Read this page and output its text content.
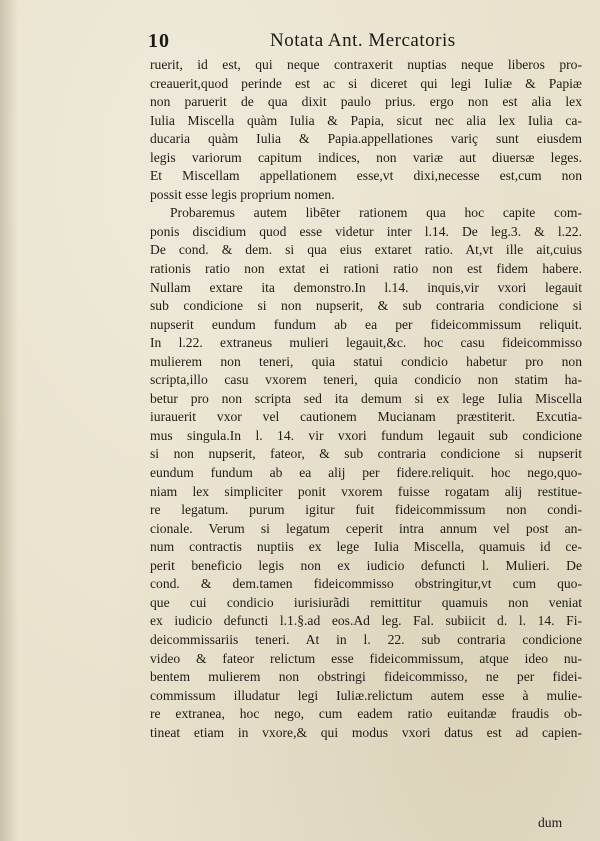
10	Notata Ant. Mercatoris
ruerit, id est, qui neque contraxerit nuptias neque liberos pro-
creauerit,quod perinde est ac si diceret qui legi Iuliæ & Papiæ
non paruerit de qua dixit paulo prius. ergo non est alia lex
Iulia Miscella quàm Iulia & Papia, sicut nec alia lex Iulia ca-
ducaria quàm Iulia & Papia.appellationes variç sunt eiusdem
legis variorum capitum indices, non variæ aut diuersæ leges.
Et Miscellam appellationem esse,vt dixi,necesse est,cum non
possit esse legis proprium nomen.
Probaremus autem libēter rationem qua hoc capite com-
ponis discidium quod esse videtur inter l.14. De leg.3. & l.22.
De cond. & dem. si qua eius extaret ratio. At,vt ille ait,cuius
rationis ratio non extat ei rationi ratio non est fidem habere.
Nullam extare ita demonstro.In l.14. inquis,vir vxori legauit
sub condicione si non nupserit, & sub contraria condicione si
nupserit eundum fundum ab ea per fideicommissum reliquit.
In l.22. extraneus mulieri legauit,&c. hoc casu fideicommisso
mulierem non teneri, quia statui condicio habetur pro non
scripta,illo casu vxorem teneri, quia condicio non statim ha-
betur pro non scripta sed ita demum si ex lege Iulia Miscella
iurauerit vxor vel cautionem Mucianam præstiterit. Excutia-
mus singula.In l. 14. vir vxori fundum legauit sub condicione
si non nupserit, fateor, & sub contraria condicione si nupserit
eundum fundum ab ea alij per fidere.reliquit. hoc nego,quo-
niam lex simpliciter ponit vxorem fuisse rogatam alij restitue-
re legatum. purum igitur fuit fideicommissum non condi-
cionale. Verum si legatum ceperit intra annum vel post an-
num contractis nuptiis ex lege Iulia Miscella, quamuis id ce-
perit beneficio legis non ex iudicio defuncti l. Mulieri. De
cond. & dem.tamen fideicommisso obstringitur,vt cum quo-
que cui condicio iurisiurãdi remittitur quamuis non veniat
ex iudicio defuncti l.1.§.ad eos.Ad leg. Fal. subiicit d. l. 14. Fi-
deicommissariis teneri. At in l. 22. sub contraria condicione
video & fateor relictum esse fideicommissum, atque ideo nu-
bentem mulierem non obstringi fideicommisso, ne per fidei-
commissum illudatur legi Iuliæ.relictum autem esse à mulie-
re extranea, hoc nego, cum eadem ratio euitandæ fraudis ob-
tineat etiam in vxore,& qui modus vxori datus est ad capien-
dum
